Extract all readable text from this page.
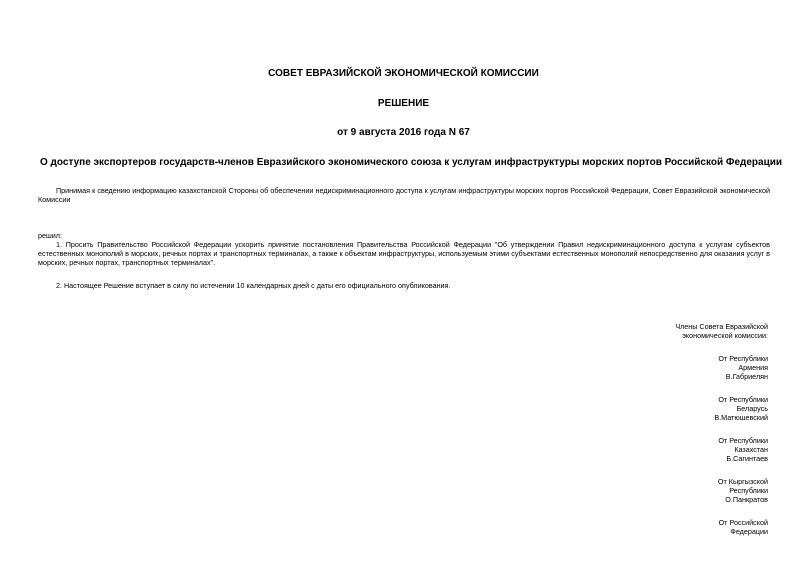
СОВЕТ ЕВРАЗИЙСКОЙ ЭКОНОМИЧЕСКОЙ КОМИССИИ
РЕШЕНИЕ
от 9 августа 2016 года N 67
О доступе экспортеров государств-членов Евразийского экономического союза к услугам инфраструктуры морских портов Российской Федерации
Принимая к сведению информацию казахстанской Стороны об обеспечении недискриминационного доступа к услугам инфраструктуры морских портов Российской Федерации, Совет Евразийской экономической Комиссии
решил:
1. Просить Правительство Российской Федерации ускорить принятие постановления Правительства Российской Федерации "Об утверждении Правил недискриминационного доступа к услугам субъектов естественных монополий в морских, речных портах и транспортных терминалах, а также к объектам инфраструктуры, используемым этими субъектами естественных монополий непосредственно для оказания услуг в морских, речных портах, транспортных терминалах".
2. Настоящее Решение вступает в силу по истечении 10 календарных дней с даты его официального опубликования.
Члены Совета Евразийской
экономической комиссии:
От Республики
Армения
В.Габриелян
От Республики
Беларусь
В.Матюшевский
От Республики
Казахстан
Б.Сагинтаев
От Кыргызской
Республики
О.Панкратов
От Российской
Федерации
